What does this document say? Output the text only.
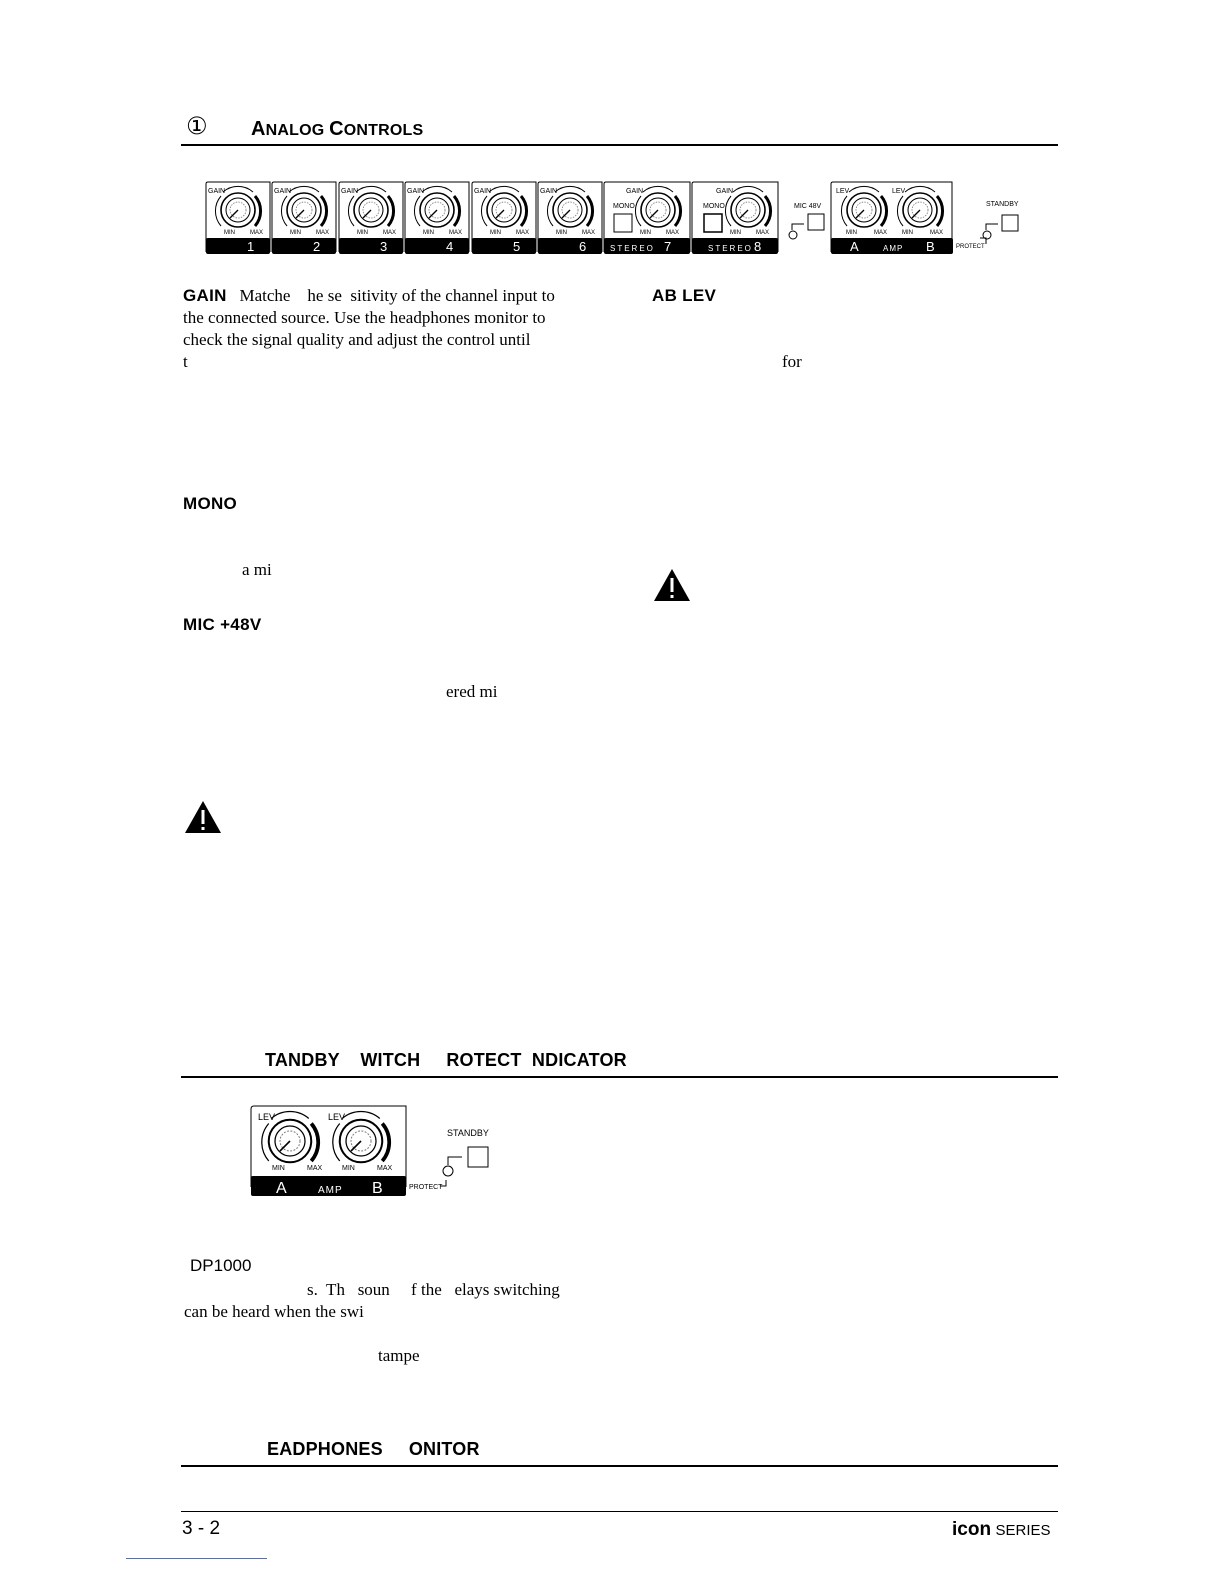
① ANALOG CONTROLS
GAIN	GAIN	GAIN	GAIN	GAIN	GAIN	GAIN	GAIN
MONO	MONO	MIC 48V
LEV	LEV
STANDBY
PROTECT
MIN	MAX	MIN	MAX	MIN	MAX	MIN	MAX	MIN	MAX	MIN	MAX	MIN	MAX	MIN	MAX	MIN	MAX MIN	MAX
1	2	3	4	5	6	STEREO 7	STEREO 8	A	AMP B
GAIN Matche    he se  sitivity of the channel input to
the connected source. Use the headphones monitor to
check the signal quality and adjust the control until
t
AB LEV
for
MONO
a mi
MIC +48V
ered mi
TANDBY    WITCH     ROTECT  NDICATOR
LEV	LEV
MIN	MAX	MIN	MAX
STANDBY
PROTECT
A	AMP B
DP1000
s.  Th   soun     f the   elays switching
can be heard when the swi
tampe
EADPHONES     ONITOR
3 - 2	icon SERIES
